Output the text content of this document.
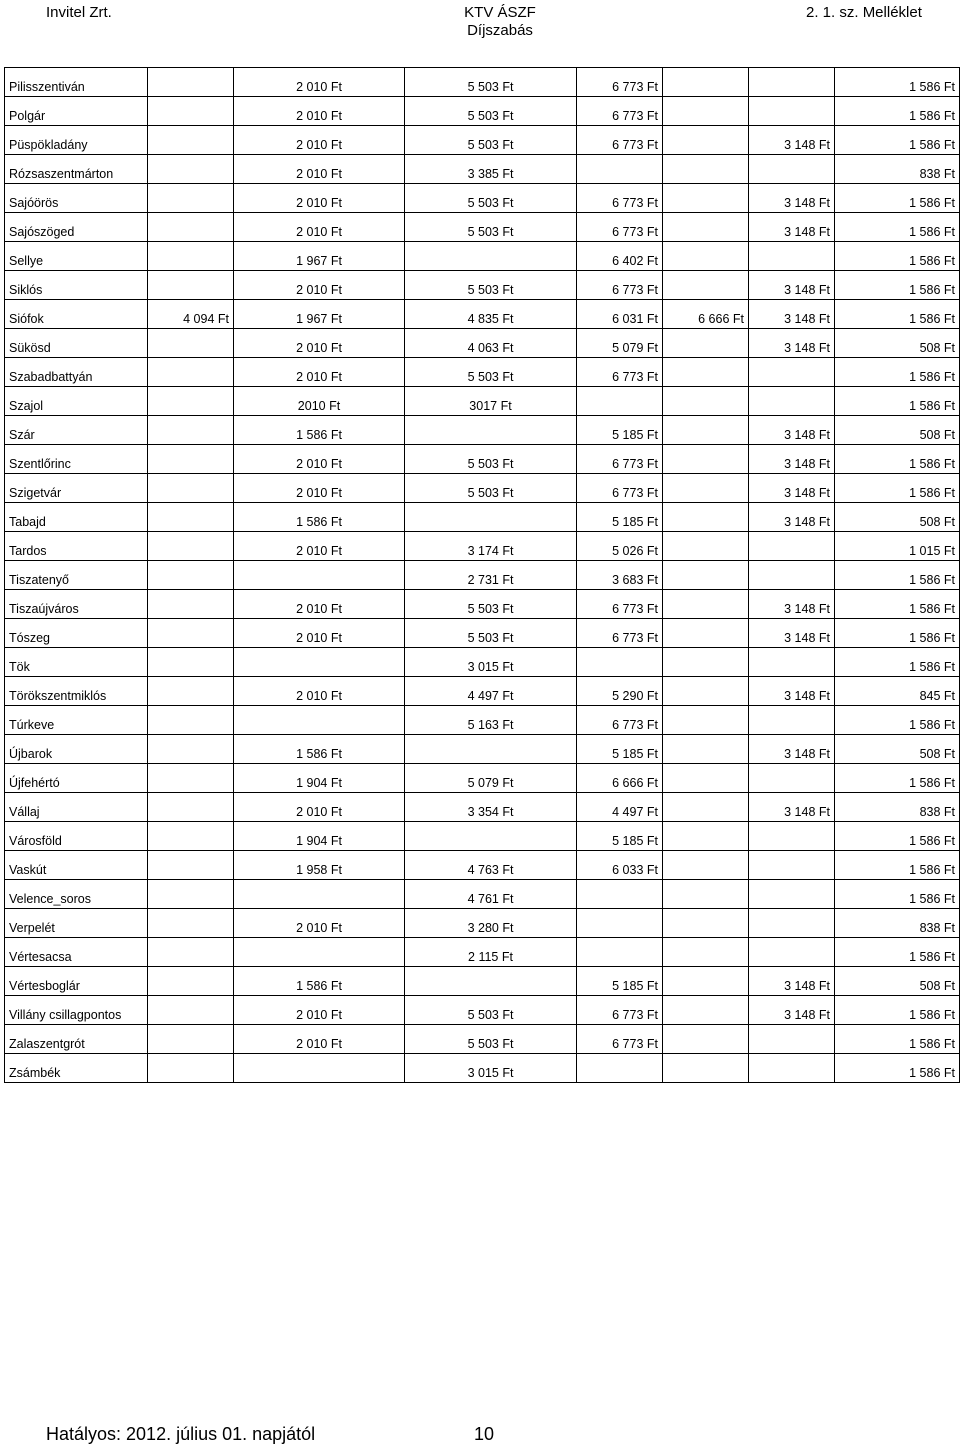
Invitel Zrt.	KTV ÁSZF
Díjszabás
2. 1. sz. Melléklet
Pilisszentiván		2 010 Ft	5 503 Ft	6 773 Ft			1 586 Ft
Polgár		2 010 Ft	5 503 Ft	6 773 Ft			1 586 Ft
Püspökladány		2 010 Ft	5 503 Ft	6 773 Ft		3 148 Ft	1 586 Ft
Rózsaszentmárton		2 010 Ft	3 385 Ft				838 Ft
Sajóörös		2 010 Ft	5 503 Ft	6 773 Ft		3 148 Ft	1 586 Ft
Sajószöged		2 010 Ft	5 503 Ft	6 773 Ft		3 148 Ft	1 586 Ft
Sellye		1 967 Ft		6 402 Ft			1 586 Ft
Siklós		2 010 Ft	5 503 Ft	6 773 Ft		3 148 Ft	1 586 Ft
Siófok	4 094 Ft	1 967 Ft	4 835 Ft	6 031 Ft	6 666 Ft	3 148 Ft	1 586 Ft
Sükösd		2 010 Ft	4 063 Ft	5 079 Ft		3 148 Ft	508 Ft
Szabadbattyán		2 010 Ft	5 503 Ft	6 773 Ft			1 586 Ft
Szajol		2010 Ft	3017 Ft				1 586 Ft
Szár		1 586 Ft		5 185 Ft		3 148 Ft	508 Ft
Szentlőrinc		2 010 Ft	5 503 Ft	6 773 Ft		3 148 Ft	1 586 Ft
Szigetvár		2 010 Ft	5 503 Ft	6 773 Ft		3 148 Ft	1 586 Ft
Tabajd		1 586 Ft		5 185 Ft		3 148 Ft	508 Ft
Tardos		2 010 Ft	3 174 Ft	5 026 Ft			1 015 Ft
Tiszatenyő			2 731 Ft	3 683 Ft			1 586 Ft
Tiszaújváros		2 010 Ft	5 503 Ft	6 773 Ft		3 148 Ft	1 586 Ft
Tószeg		2 010 Ft	5 503 Ft	6 773 Ft		3 148 Ft	1 586 Ft
Tök			3 015 Ft				1 586 Ft
Törökszentmiklós		2 010 Ft	4 497 Ft	5 290 Ft		3 148 Ft	845 Ft
Túrkeve			5 163 Ft	6 773 Ft			1 586 Ft
Újbarok		1 586 Ft		5 185 Ft		3 148 Ft	508 Ft
Újfehértó		1 904 Ft	5 079 Ft	6 666 Ft			1 586 Ft
Vállaj		2 010 Ft	3 354 Ft	4 497 Ft		3 148 Ft	838 Ft
Városföld		1 904 Ft		5 185 Ft			1 586 Ft
Vaskút		1 958 Ft	4 763 Ft	6 033 Ft			1 586 Ft
Velence_soros			4 761 Ft				1 586 Ft
Verpelét		2 010 Ft	3 280 Ft				838 Ft
Vértesacsa			2 115 Ft				1 586 Ft
Vértesboglár		1 586 Ft		5 185 Ft		3 148 Ft	508 Ft
Villány csillagpontos		2 010 Ft	5 503 Ft	6 773 Ft		3 148 Ft	1 586 Ft
Zalaszentgrót		2 010 Ft	5 503 Ft	6 773 Ft			1 586 Ft
Zsámbék			3 015 Ft				1 586 Ft
Hatályos: 2012. július 01. napjától	10
